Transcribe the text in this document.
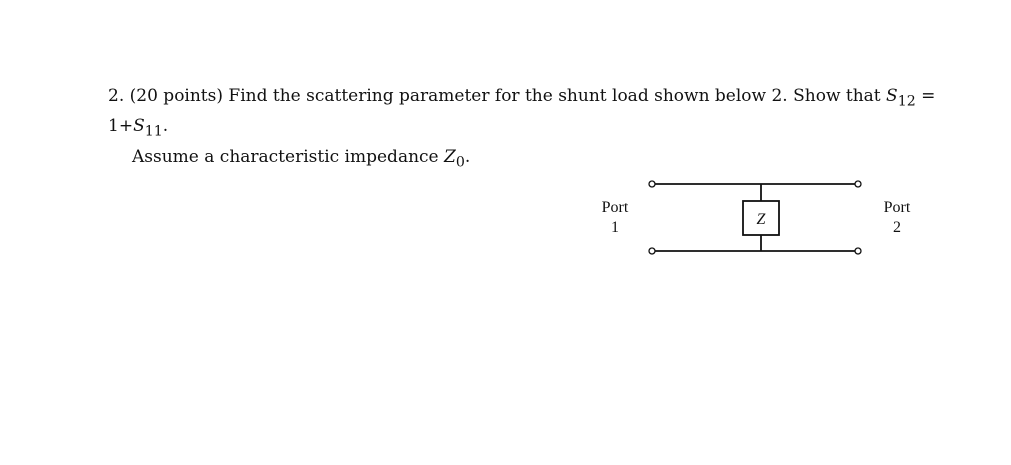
2. (20 points) Find the scattering parameter for the shunt load shown below 2. Show that $S_{12} = 1+S_{11}$.
Assume a characteristic impedance $Z_0$.
Port
1
Port
2
Z
